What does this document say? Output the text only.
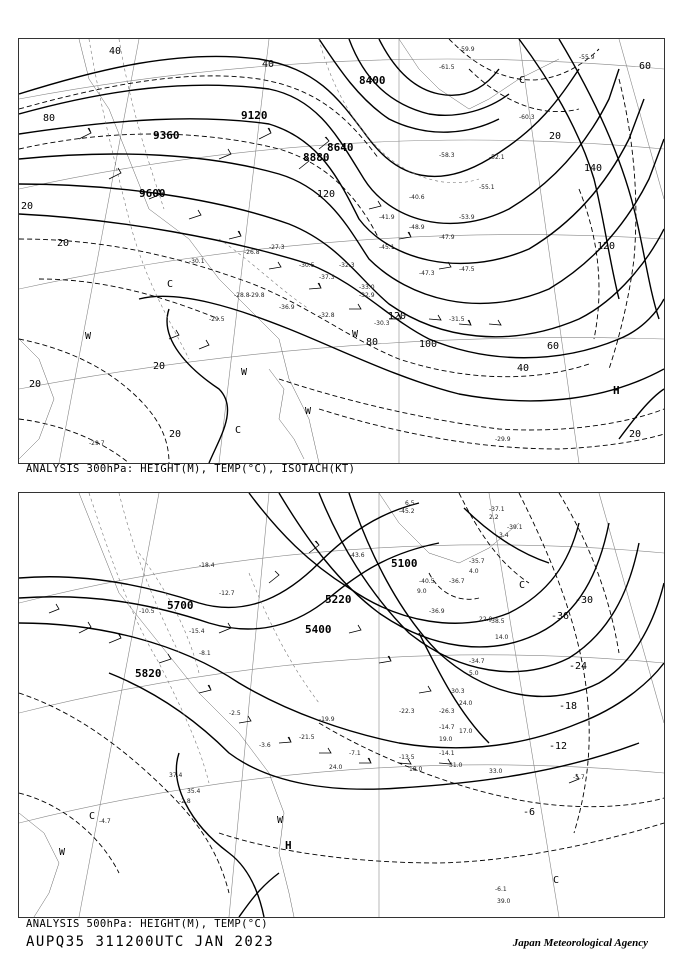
9120
9360
9600
8400
8640
8880
40
40
60
80
80	100
120
120
120
140
20
20
20
20
20
20
20
40
60
H
W
W
W
C
C
W
C
-29.9
-29.7
-30.1
-29.8
-30.5
-32.8
-47.9
-47.5
-55.1
-58.3	-52.1
-60.3
-61.5
-59.9
-55.9
-40.6
-31.5
-36.9
-37.3
-33.0
-30.3
-29.5
-28.8
-26.8
-27.3
-53.9
-48.9
-45.1
-41.9
-47.3
-32.3
-32.9
ANALYSIS 300hPa: HEIGHT(M), TEMP(°C), ISOTACH(KT)
5700
5820
5100
5220
5400
-30
-36
-24
-18
-12
-6
H
W
C
C
C
W
-6.1
-5.7
-14.1
-13.5
-14.7
-7.1
-4.7
-2.8
-2.5
-3.6
-35.7
-37.1
-36.7
-38.5
-39.1
-40.5
-43.6
-45.2
-36.9
-34.7
-30.3
-26.3
-22.3
-19.9
-21.5
-18.4
-12.7
-8.1
-10.5
-15.4
39.0
31.0
33.0
18.0
19.0
24.0
37.4
35.4
4.0
5.0
3.4
9.0
2.2
6.5
14.0
22.0
24.0
17.0
ANALYSIS 500hPa: HEIGHT(M), TEMP(°C)
AUPQ35 311200UTC JAN 2023	Japan Meteorological Agency
